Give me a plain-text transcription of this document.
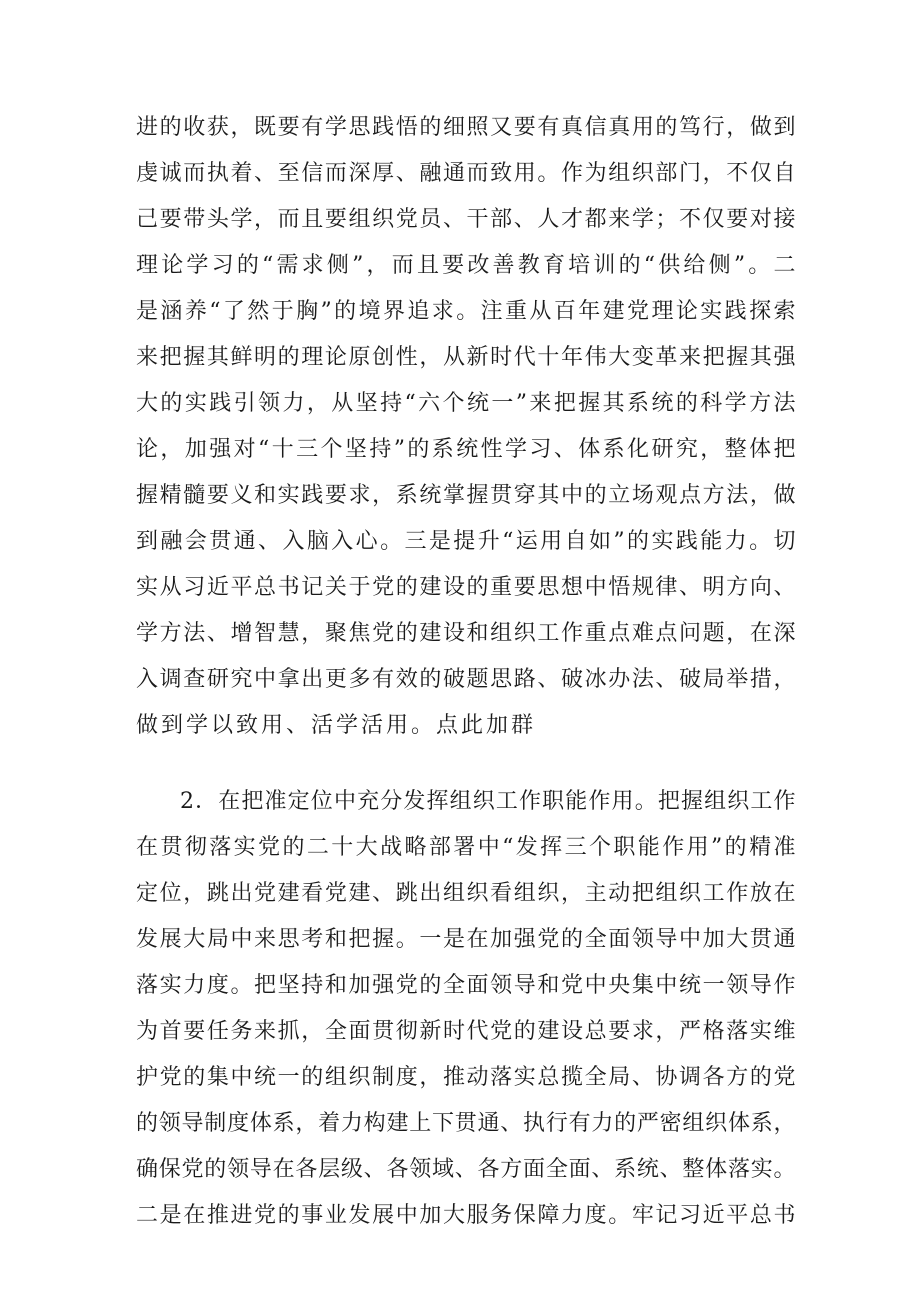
进的收获，既要有学思践悟的细照又要有真信真用的笃行，做到
虔诚而执着、至信而深厚、融通而致用。作为组织部门，不仅自
己要带头学，而且要组织党员、干部、人才都来学；不仅要对接
理论学习的“需求侧”，而且要改善教育培训的“供给侧”。二
是涵养“了然于胸”的境界追求。注重从百年建党理论实践探索
来把握其鲜明的理论原创性，从新时代十年伟大变革来把握其强
大的实践引领力，从坚持“六个统一”来把握其系统的科学方法
论，加强对“十三个坚持”的系统性学习、体系化研究，整体把
握精髓要义和实践要求，系统掌握贯穿其中的立场观点方法，做
到融会贯通、入脑入心。三是提升“运用自如”的实践能力。切
实从习近平总书记关于党的建设的重要思想中悟规律、明方向、
学方法、增智慧，聚焦党的建设和组织工作重点难点问题，在深
入调查研究中拿出更多有效的破题思路、破冰办法、破局举措，
做到学以致用、活学活用。点此加群
2．在把准定位中充分发挥组织工作职能作用。把握组织工作
在贯彻落实党的二十大战略部署中“发挥三个职能作用”的精准
定位，跳出党建看党建、跳出组织看组织，主动把组织工作放在
发展大局中来思考和把握。一是在加强党的全面领导中加大贯通
落实力度。把坚持和加强党的全面领导和党中央集中统一领导作
为首要任务来抓，全面贯彻新时代党的建设总要求，严格落实维
护党的集中统一的组织制度，推动落实总揽全局、协调各方的党
的领导制度体系，着力构建上下贯通、执行有力的严密组织体系，
确保党的领导在各层级、各领域、各方面全面、系统、整体落实。
二是在推进党的事业发展中加大服务保障力度。牢记习近平总书
